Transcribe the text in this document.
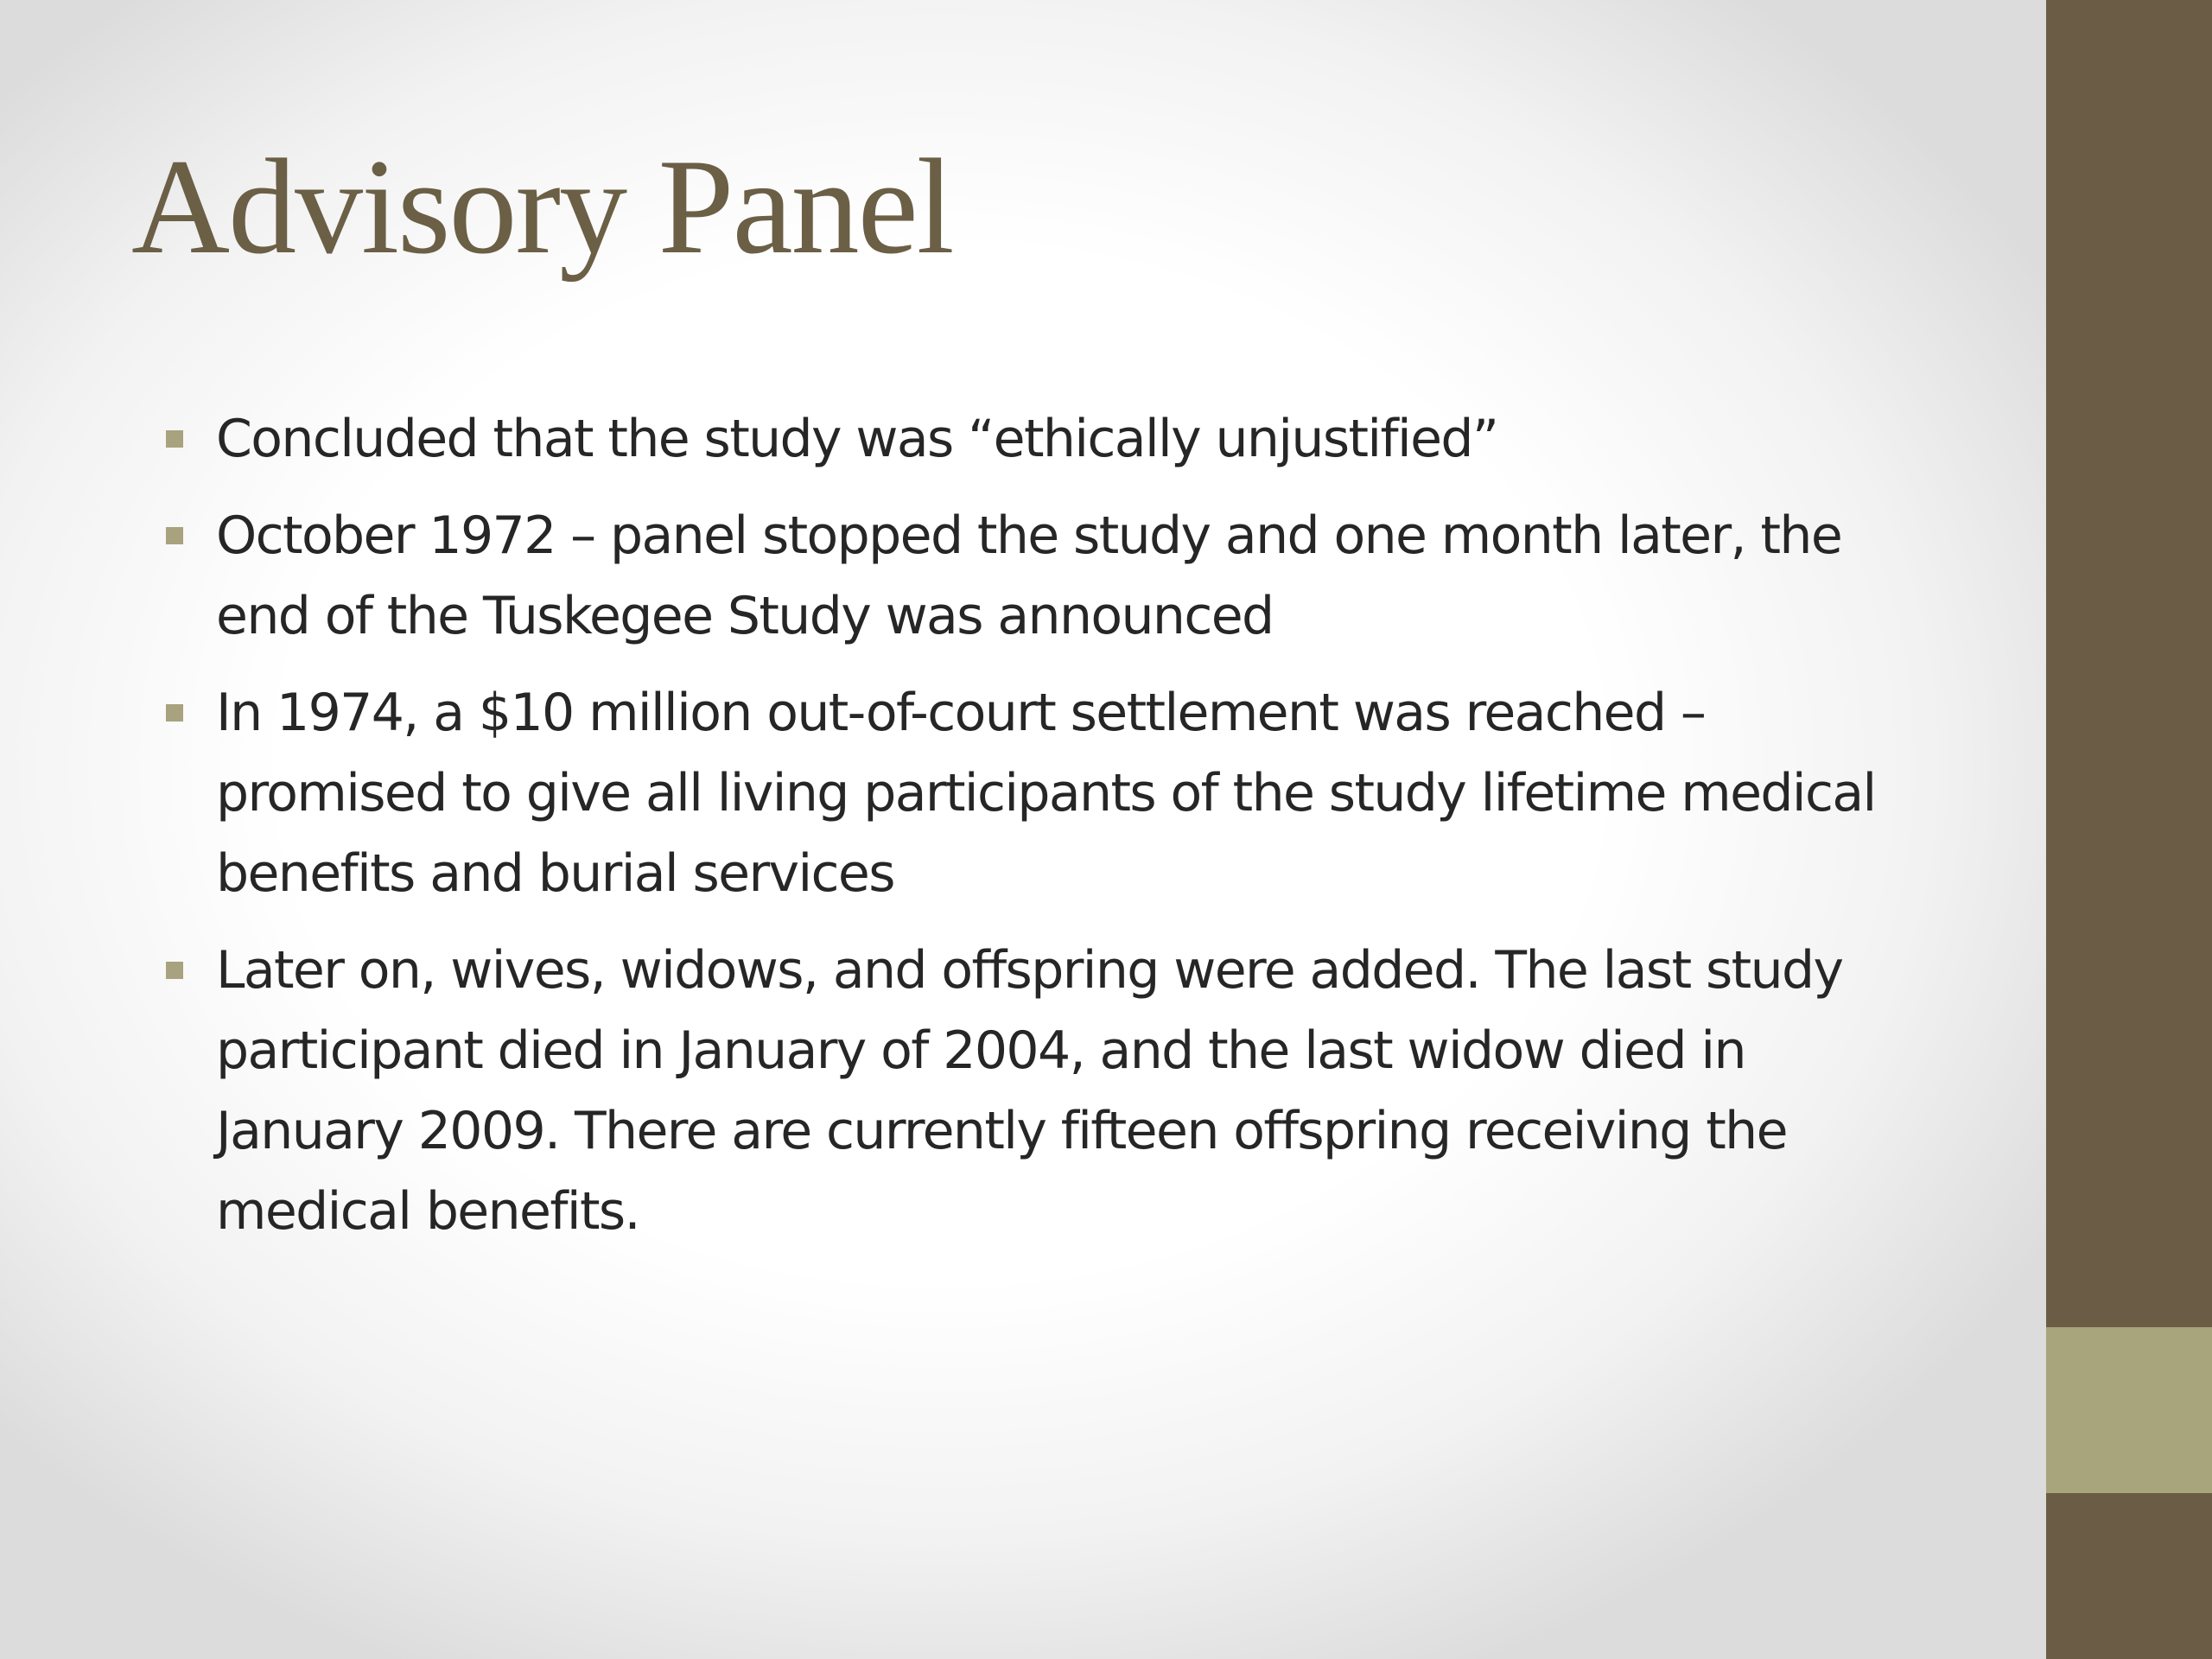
Advisory Panel
Concluded that the study was “ethically unjustified”
October 1972 – panel stopped the study and one month later, the end of the Tuskegee Study was announced
In 1974, a $10 million out-of-court settlement was reached – promised to give all living participants of the study lifetime medical benefits and burial services
Later on, wives, widows, and offspring were added. The last study participant died in January of 2004, and the last widow died in January 2009. There are currently fifteen offspring receiving the medical benefits.
